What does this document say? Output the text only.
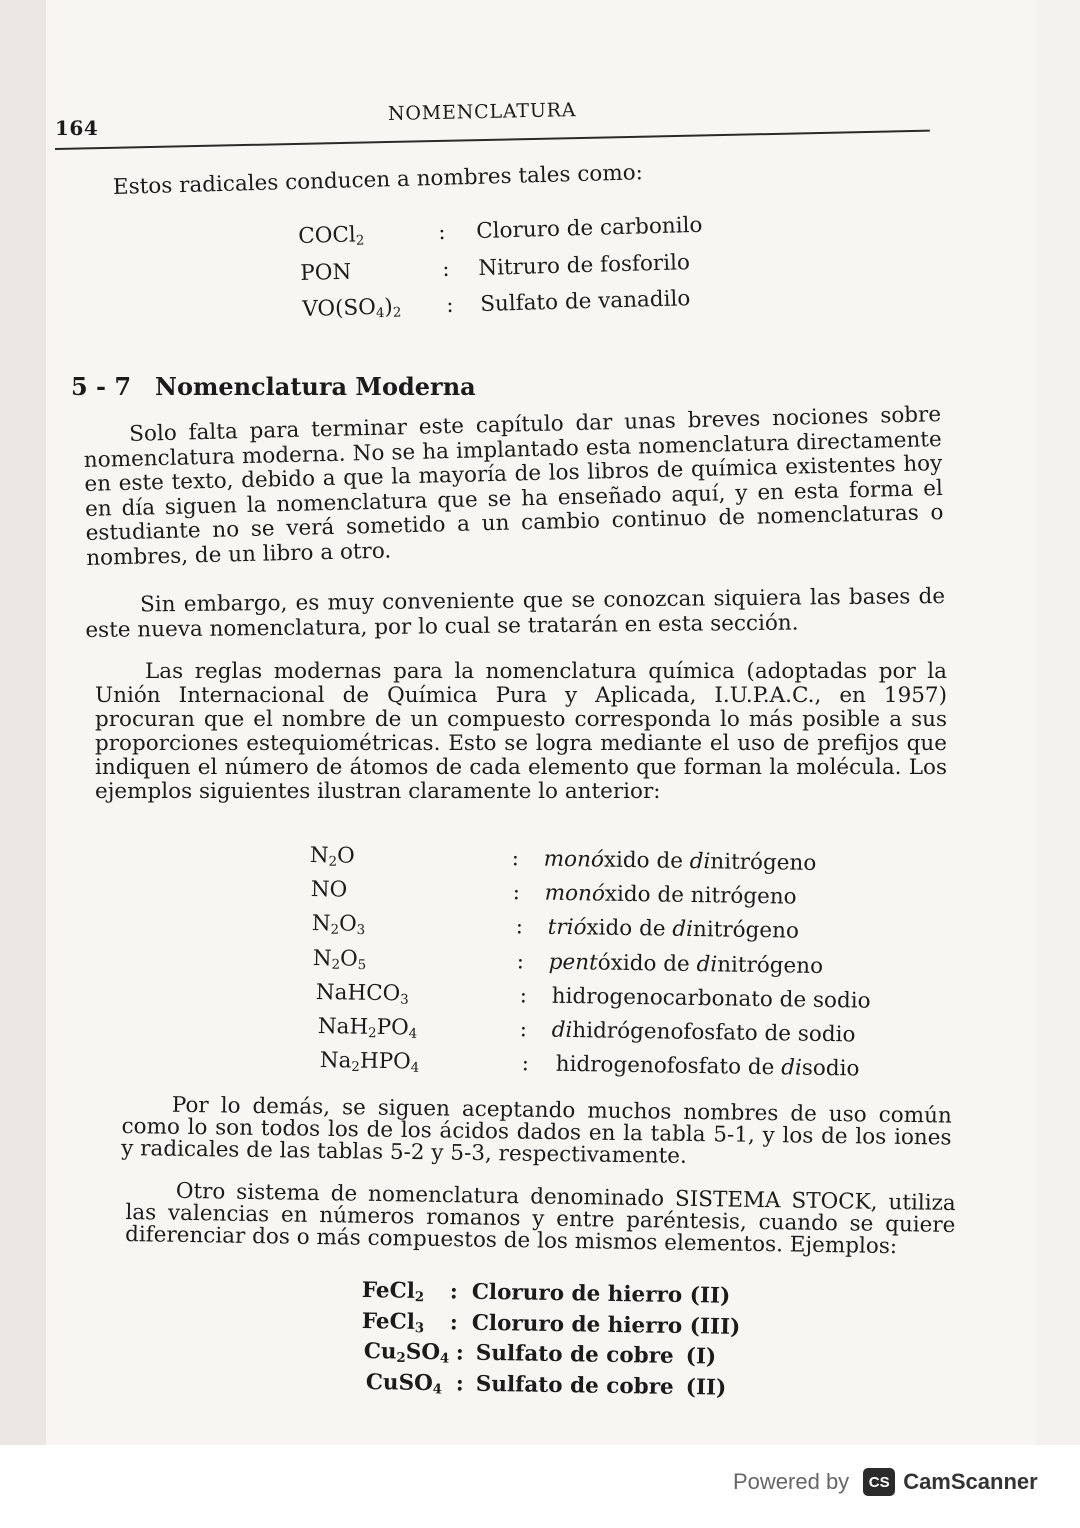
164
NOMENCLATURA
Estos radicales conducen a nombres tales como:
COCl$_2$	: Cloruro de carbonilo
PON	: Nitruro de fosforilo
$VO(SO_4)_2$ : Sulfato de vanadilo
5 - 7 Nomenclatura Moderna
Solo falta para terminar este capítulo dar unas breves nociones sobre nomenclatura moderna. No se ha implantado esta nomenclatura directamente en este texto, debido a que la mayoría de los libros de química existentes hoy en día siguen la nomenclatura que se ha enseñado aquí, y en esta forma el estudiante no se verá sometido a un cambio continuo de nomenclaturas o nombres, de un libro a otro.
Sin embargo, es muy conveniente que se conozcan siquiera las bases de este nueva nomenclatura, por lo cual se tratarán en esta sección.
Las reglas modernas para la nomenclatura química (adoptadas por la Unión Internacional de Química Pura y Aplicada, I.U.P.A.C., en 1957) procuran que el nombre de un compuesto corresponda lo más posible a sus proporciones estequiométricas. Esto se logra mediante el uso de prefijos que indiquen el número de átomos de cada elemento que forman la molécula. Los ejemplos siguientes ilustran claramente lo anterior:
$N_2O$	: monóxido de dinitrógeno
NO	: monóxido de nitrógeno
$N_2O_3$	: trióxido de dinitrógeno
$N_2O_5$	: pentóxido de dinitrógeno
NaHCO$_3$	: hidrogenocarbonato de sodio
$NaH_2PO_4$	: dihidrógenofosfato de sodio
$Na_2HPO_4$	: hidrogenofosfato de disodio
Por lo demás, se siguen aceptando muchos nombres de uso común como lo son todos los de los ácidos dados en la tabla 5-1, y los de los iones y radicales de las tablas 5-2 y 5-3, respectivamente.
Otro sistema de nomenclatura denominado SISTEMA STOCK, utiliza las valencias en números romanos y entre paréntesis, cuando se quiere diferenciar dos o más compuestos de los mismos elementos. Ejemplos:
FeCl$_2$ : Cloruro de hierro (II)
FeCl$_3$ : Cloruro de hierro (III)
$Cu_2SO_4$ : Sulfato de cobre (I)
CuSO$_4$ : Sulfato de cobre (II)
Powered by	CS CamScanner
